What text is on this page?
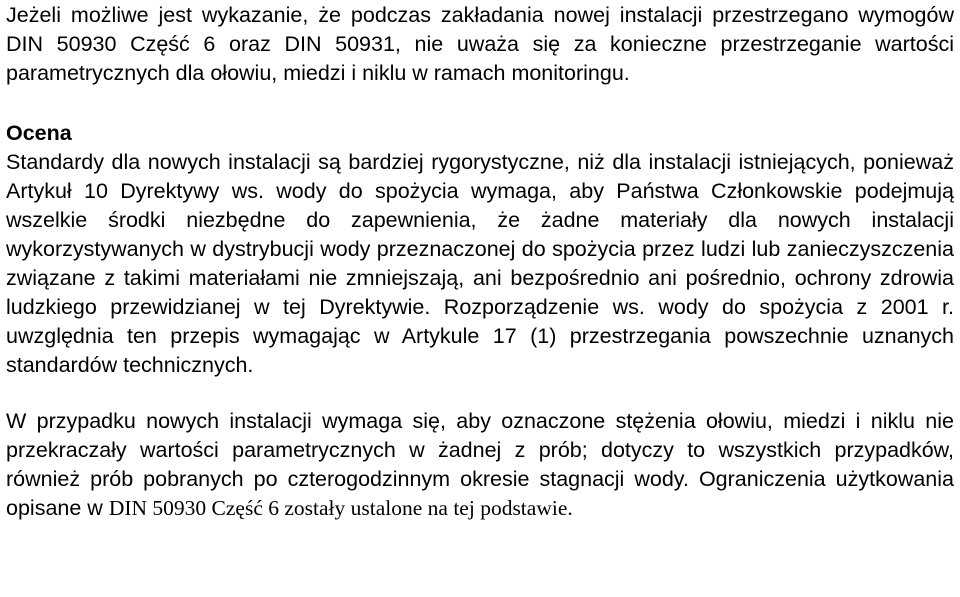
Jeżeli możliwe jest wykazanie, że podczas zakładania nowej instalacji przestrzegano wymogów DIN 50930 Część 6 oraz DIN 50931, nie uważa się za konieczne przestrzeganie wartości parametrycznych dla ołowiu, miedzi i niklu w ramach monitoringu.

Ocena

Standardy dla nowych instalacji są bardziej rygorystyczne, niż dla instalacji istniejących, ponieważ Artykuł 10 Dyrektywy ws. wody do spożycia wymaga, aby Państwa Członkowskie podejmują wszelkie środki niezbędne do zapewnienia, że żadne materiały dla nowych instalacji wykorzystywanych w dystrybucji wody przeznaczonej do spożycia przez ludzi lub zanieczyszczenia związane z takimi materiałami nie zmniejszają, ani bezpośrednio ani pośrednio, ochrony zdrowia ludzkiego przewidzianej w tej Dyrektywie. Rozporządzenie ws. wody do spożycia z 2001 r. uwzględnia ten przepis wymagając w Artykule 17 (1) przestrzegania powszechnie uznanych standardów technicznych.

W przypadku nowych instalacji wymaga się, aby oznaczone stężenia ołowiu, miedzi i niklu nie przekraczały wartości parametrycznych w żadnej z prób; dotyczy to wszystkich przypadków, również prób pobranych po czterogodzinnym okresie stagnacji wody. Ograniczenia użytkowania opisane w DIN 50930 Część 6 zostały ustalone na tej podstawie.
